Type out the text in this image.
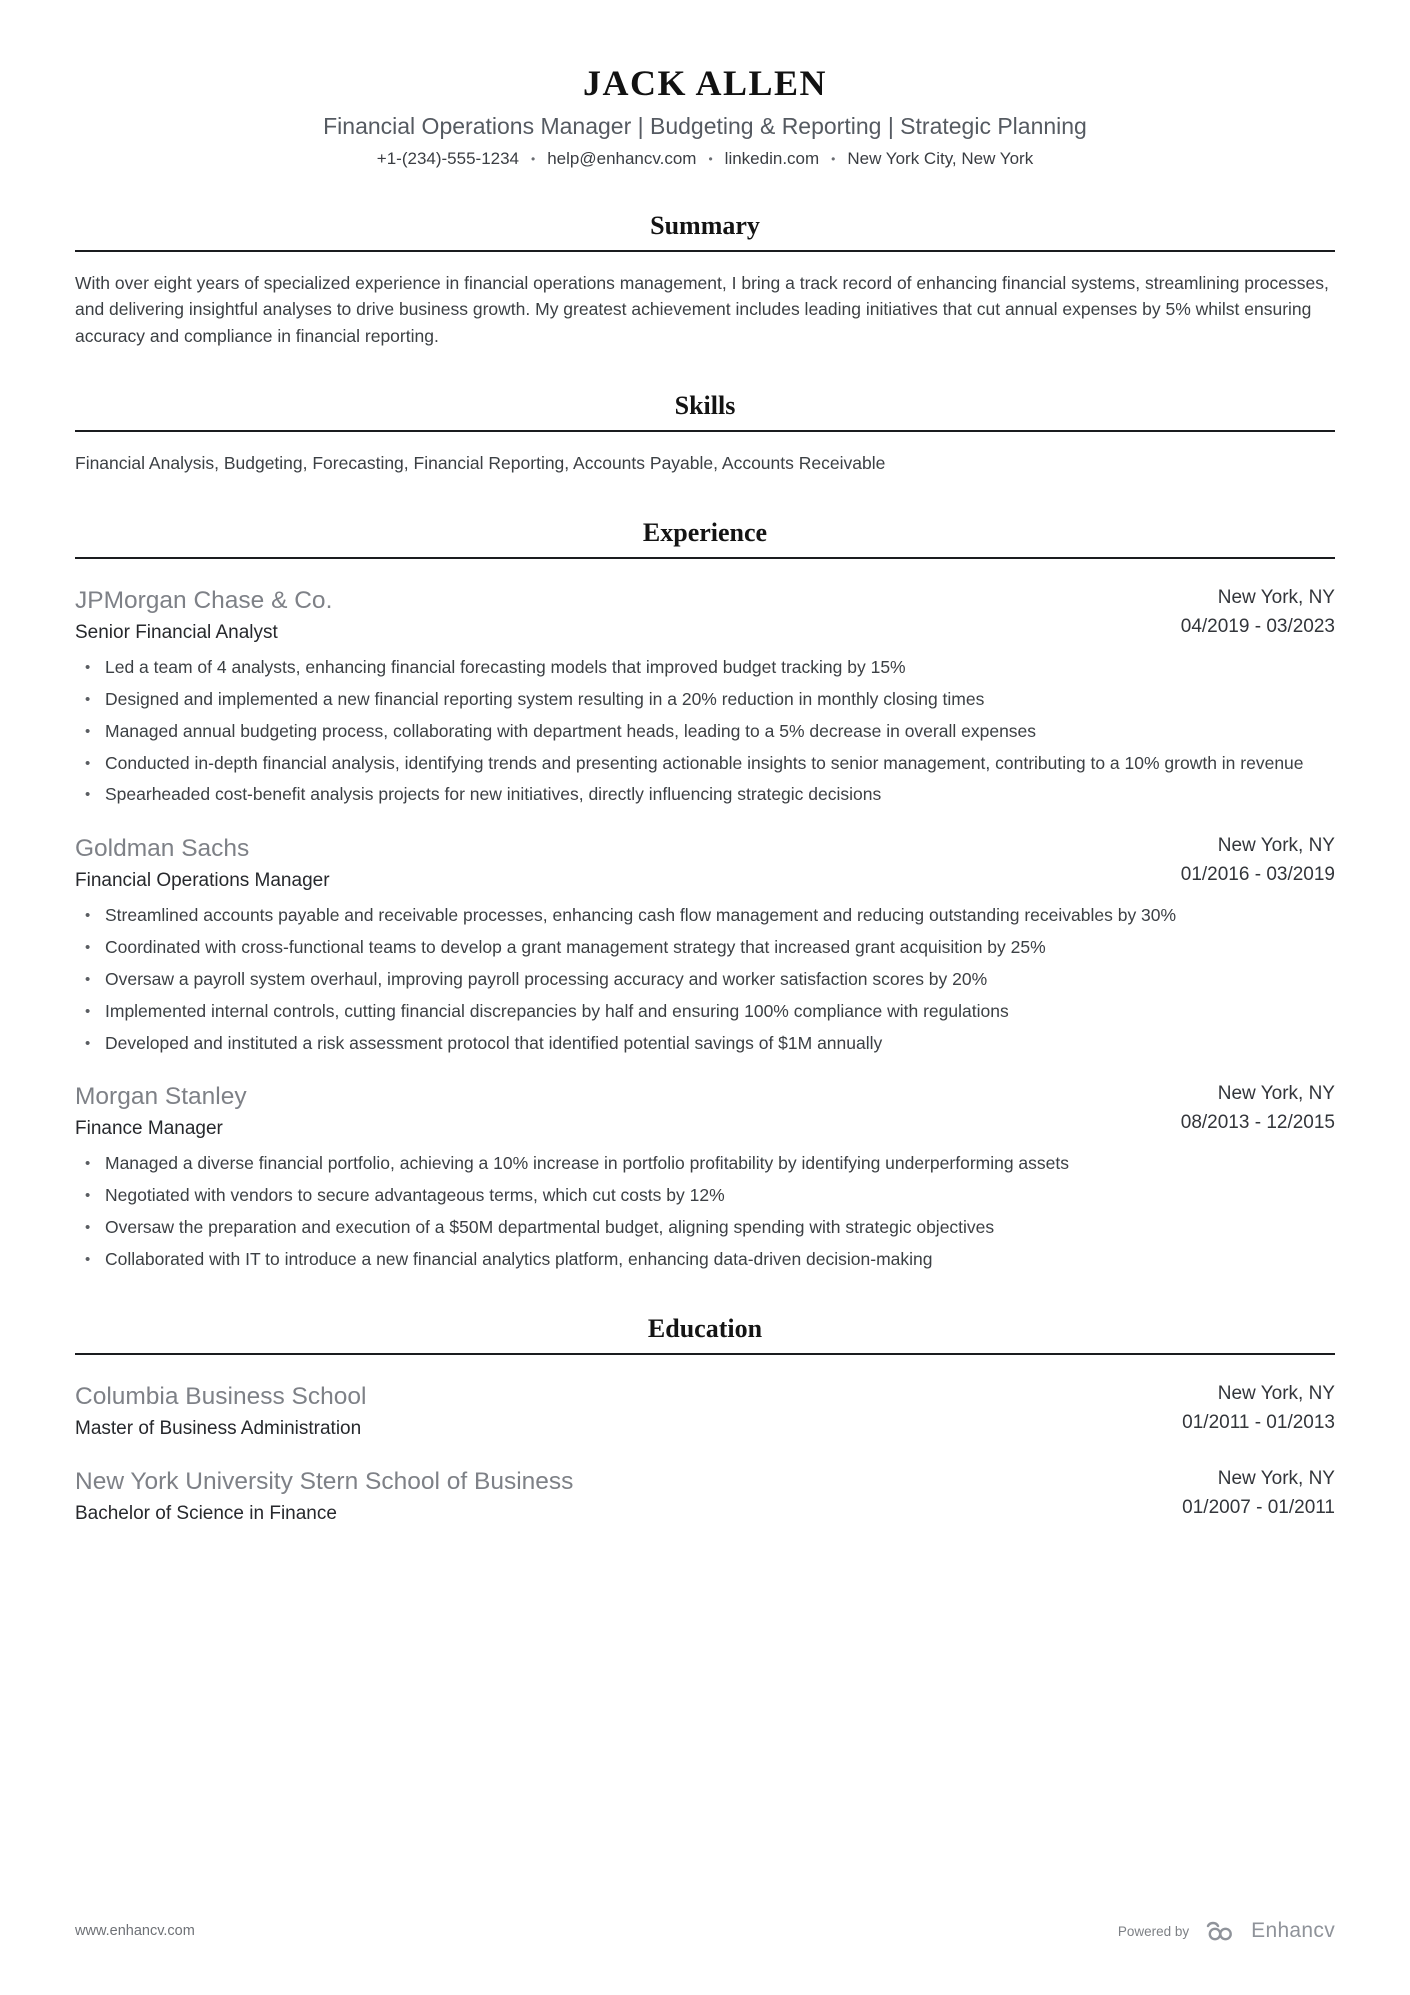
JACK ALLEN
Financial Operations Manager | Budgeting & Reporting | Strategic Planning
+1-(234)-555-1234 • help@enhancv.com • linkedin.com • New York City, New York
Summary

With over eight years of specialized experience in financial operations management, I bring a track record of enhancing financial systems, streamlining processes, and delivering insightful analyses to drive business growth. My greatest achievement includes leading initiatives that cut annual expenses by 5% whilst ensuring accuracy and compliance in financial reporting.

Skills

Financial Analysis, Budgeting, Forecasting, Financial Reporting, Accounts Payable, Accounts Receivable

Experience
JPMorgan Chase & Co.
Senior Financial Analyst
New York, NY
04/2019 - 03/2023
• Led a team of 4 analysts, enhancing financial forecasting models that improved budget tracking by 15%
• Designed and implemented a new financial reporting system resulting in a 20% reduction in monthly closing times
• Managed annual budgeting process, collaborating with department heads, leading to a 5% decrease in overall expenses
• Conducted in-depth financial analysis, identifying trends and presenting actionable insights to senior management, contributing to a 10% growth in revenue
• Spearheaded cost-benefit analysis projects for new initiatives, directly influencing strategic decisions
Goldman Sachs
Financial Operations Manager
New York, NY
01/2016 - 03/2019
• Streamlined accounts payable and receivable processes, enhancing cash flow management and reducing outstanding receivables by 30%
• Coordinated with cross-functional teams to develop a grant management strategy that increased grant acquisition by 25%
• Oversaw a payroll system overhaul, improving payroll processing accuracy and worker satisfaction scores by 20%
• Implemented internal controls, cutting financial discrepancies by half and ensuring 100% compliance with regulations
• Developed and instituted a risk assessment protocol that identified potential savings of $1M annually
Morgan Stanley
Finance Manager
New York, NY
08/2013 - 12/2015
• Managed a diverse financial portfolio, achieving a 10% increase in portfolio profitability by identifying underperforming assets
• Negotiated with vendors to secure advantageous terms, which cut costs by 12%
• Oversaw the preparation and execution of a $50M departmental budget, aligning spending with strategic objectives
• Collaborated with IT to introduce a new financial analytics platform, enhancing data-driven decision-making
Education
Columbia Business School
Master of Business Administration
New York, NY
01/2011 - 01/2013
New York University Stern School of Business
Bachelor of Science in Finance
New York, NY
01/2007 - 01/2011
www.enhancv.com	Powered by	Enhancv
